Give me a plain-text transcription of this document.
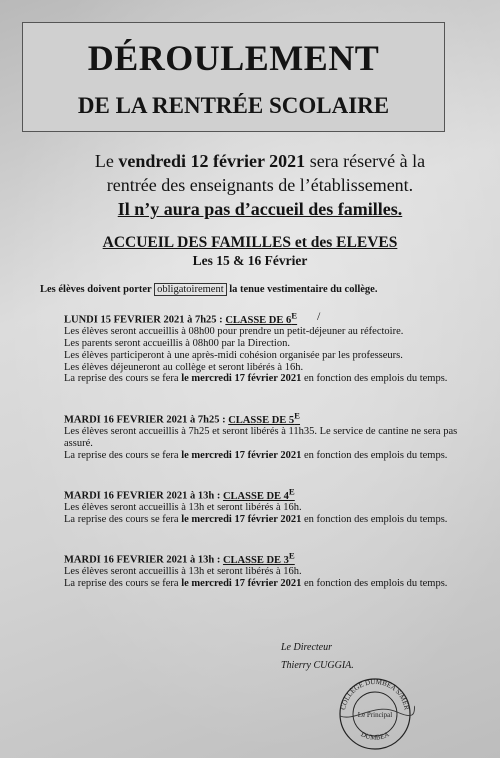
DÉROULEMENT
DE LA RENTRÉE SCOLAIRE
Le vendredi 12 février 2021 sera réservé à la
rentrée des enseignants de l’établissement.
Il n’y aura pas d’accueil des familles.
ACCUEIL DES FAMILLES et des ELEVES
Les 15 & 16 Février
Les élèves doivent porter obligatoirement la tenue vestimentaire du collège.
/

LUNDI 15 FEVRIER 2021 à 7h25 : CLASSE DE $6^E$

Les élèves seront accueillis à 08h00 pour prendre un petit-déjeuner au réfectoire.

Les parents seront accueillis à 08h00 par la Direction.

Les élèves participeront à une après-midi cohésion organisée par les professeurs.

Les élèves déjeuneront au collège et seront libérés à 16h.

La reprise des cours se fera le mercredi 17 février 2021 en fonction des emplois du temps.

MARDI 16 FEVRIER 2021 à 7h25 : CLASSE DE $5^E$

Les élèves seront accueillis à 7h25 et seront libérés à 11h35. Le service de cantine ne sera pas assuré.

La reprise des cours se fera le mercredi 17 février 2021 en fonction des emplois du temps.

MARDI 16 FEVRIER 2021 à 13h : CLASSE DE $4^E$

Les élèves seront accueillis à 13h et seront libérés à 16h.

La reprise des cours se fera le mercredi 17 février 2021 en fonction des emplois du temps.

MARDI 16 FEVRIER 2021 à 13h : CLASSE DE $3^E$

Les élèves seront accueillis à 13h et seront libérés à 16h.

La reprise des cours se fera le mercredi 17 février 2021 en fonction des emplois du temps.

Le Directeur
Thierry CUGGIA.
COLLÈGE DUMBEA S/MER
Le Principal
DUMBEA
